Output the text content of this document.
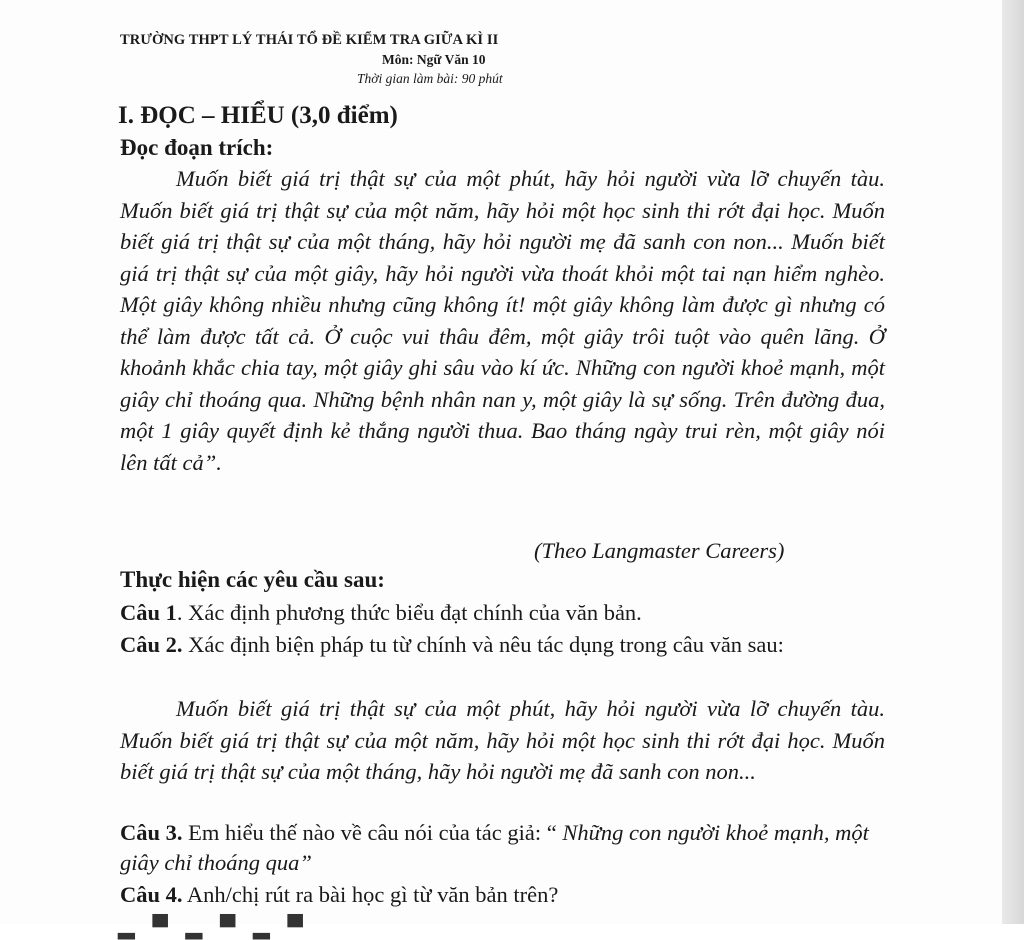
TRƯỜNG THPT LÝ THÁI TỔ ĐỀ KIỂM TRA GIỮA KÌ II
Môn: Ngữ Văn 10
Thời gian làm bài: 90 phút
I. ĐỌC – HIỂU (3,0 điểm)
Đọc đoạn trích:

Muốn biết giá trị thật sự của một phút, hãy hỏi người vừa lỡ chuyến tàu. Muốn biết giá trị thật sự của một năm, hãy hỏi một học sinh thi rớt đại học. Muốn biết giá trị thật sự của một tháng, hãy hỏi người mẹ đã sanh con non... Muốn biết giá trị thật sự của một giây, hãy hỏi người vừa thoát khỏi một tai nạn hiểm nghèo. Một giây không nhiều nhưng cũng không ít! một giây không làm được gì nhưng có thể làm được tất cả. Ở cuộc vui thâu đêm, một giây trôi tuột vào quên lãng. Ở khoảnh khắc chia tay, một giây ghi sâu vào kí ức. Những con người khoẻ mạnh, một giây chỉ thoáng qua. Những bệnh nhân nan y, một giây là sự sống. Trên đường đua, một 1 giây quyết định kẻ thắng người thua. Bao tháng ngày trui rèn, một giây nói lên tất cả”.

(Theo Langmaster Careers)
Thực hiện các yêu cầu sau:

Câu 1. Xác định phương thức biểu đạt chính của văn bản.

Câu 2. Xác định biện pháp tu từ chính và nêu tác dụng trong câu văn sau:

Muốn biết giá trị thật sự của một phút, hãy hỏi người vừa lỡ chuyến tàu. Muốn biết giá trị thật sự của một năm, hãy hỏi một học sinh thi rớt đại học. Muốn biết giá trị thật sự của một tháng, hãy hỏi người mẹ đã sanh con non...

Câu 3. Em hiểu thế nào về câu nói của tác giả: “ Những con người khoẻ mạnh, một giây chỉ thoáng qua”

Câu 4. Anh/chị rút ra bài học gì từ văn bản trên?

▂ ▀ ▂ ▀ ▂ ▀
